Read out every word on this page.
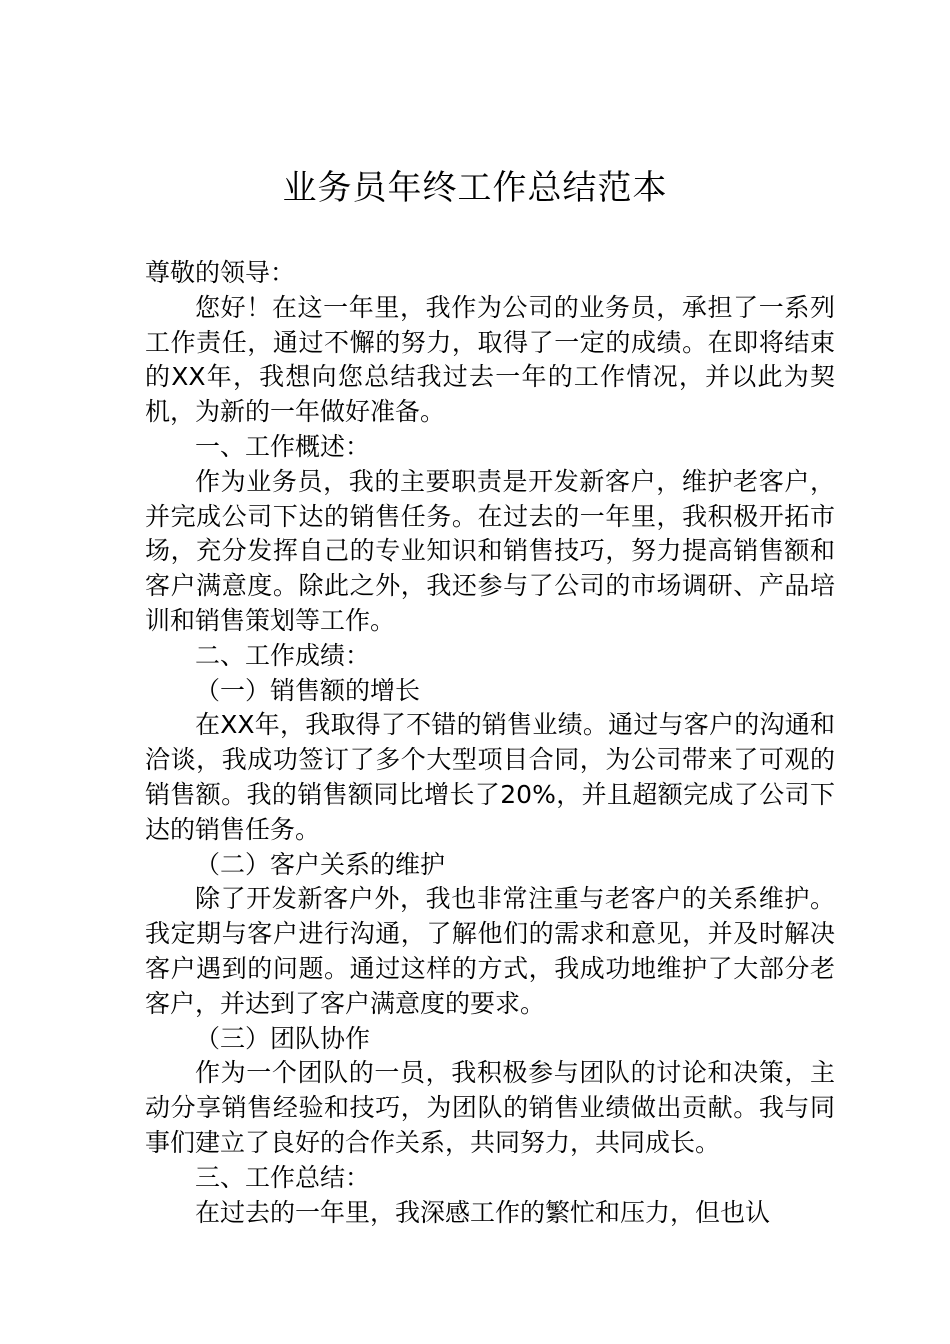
业务员年终工作总结范本

尊敬的领导：

您好！在这一年里，我作为公司的业务员，承担了一系列工作责任，通过不懈的努力，取得了一定的成绩。在即将结束的XX年，我想向您总结我过去一年的工作情况，并以此为契机，为新的一年做好准备。

一、工作概述：

作为业务员，我的主要职责是开发新客户，维护老客户，并完成公司下达的销售任务。在过去的一年里，我积极开拓市场，充分发挥自己的专业知识和销售技巧，努力提高销售额和客户满意度。除此之外，我还参与了公司的市场调研、产品培训和销售策划等工作。

二、工作成绩：

（一）销售额的增长

在XX年，我取得了不错的销售业绩。通过与客户的沟通和洽谈，我成功签订了多个大型项目合同，为公司带来了可观的销售额。我的销售额同比增长了20%，并且超额完成了公司下达的销售任务。

（二）客户关系的维护

除了开发新客户外，我也非常注重与老客户的关系维护。我定期与客户进行沟通，了解他们的需求和意见，并及时解决客户遇到的问题。通过这样的方式，我成功地维护了大部分老客户，并达到了客户满意度的要求。

（三）团队协作

作为一个团队的一员，我积极参与团队的讨论和决策，主动分享销售经验和技巧，为团队的销售业绩做出贡献。我与同事们建立了良好的合作关系，共同努力，共同成长。

三、工作总结：

在过去的一年里，我深感工作的繁忙和压力，但也认
